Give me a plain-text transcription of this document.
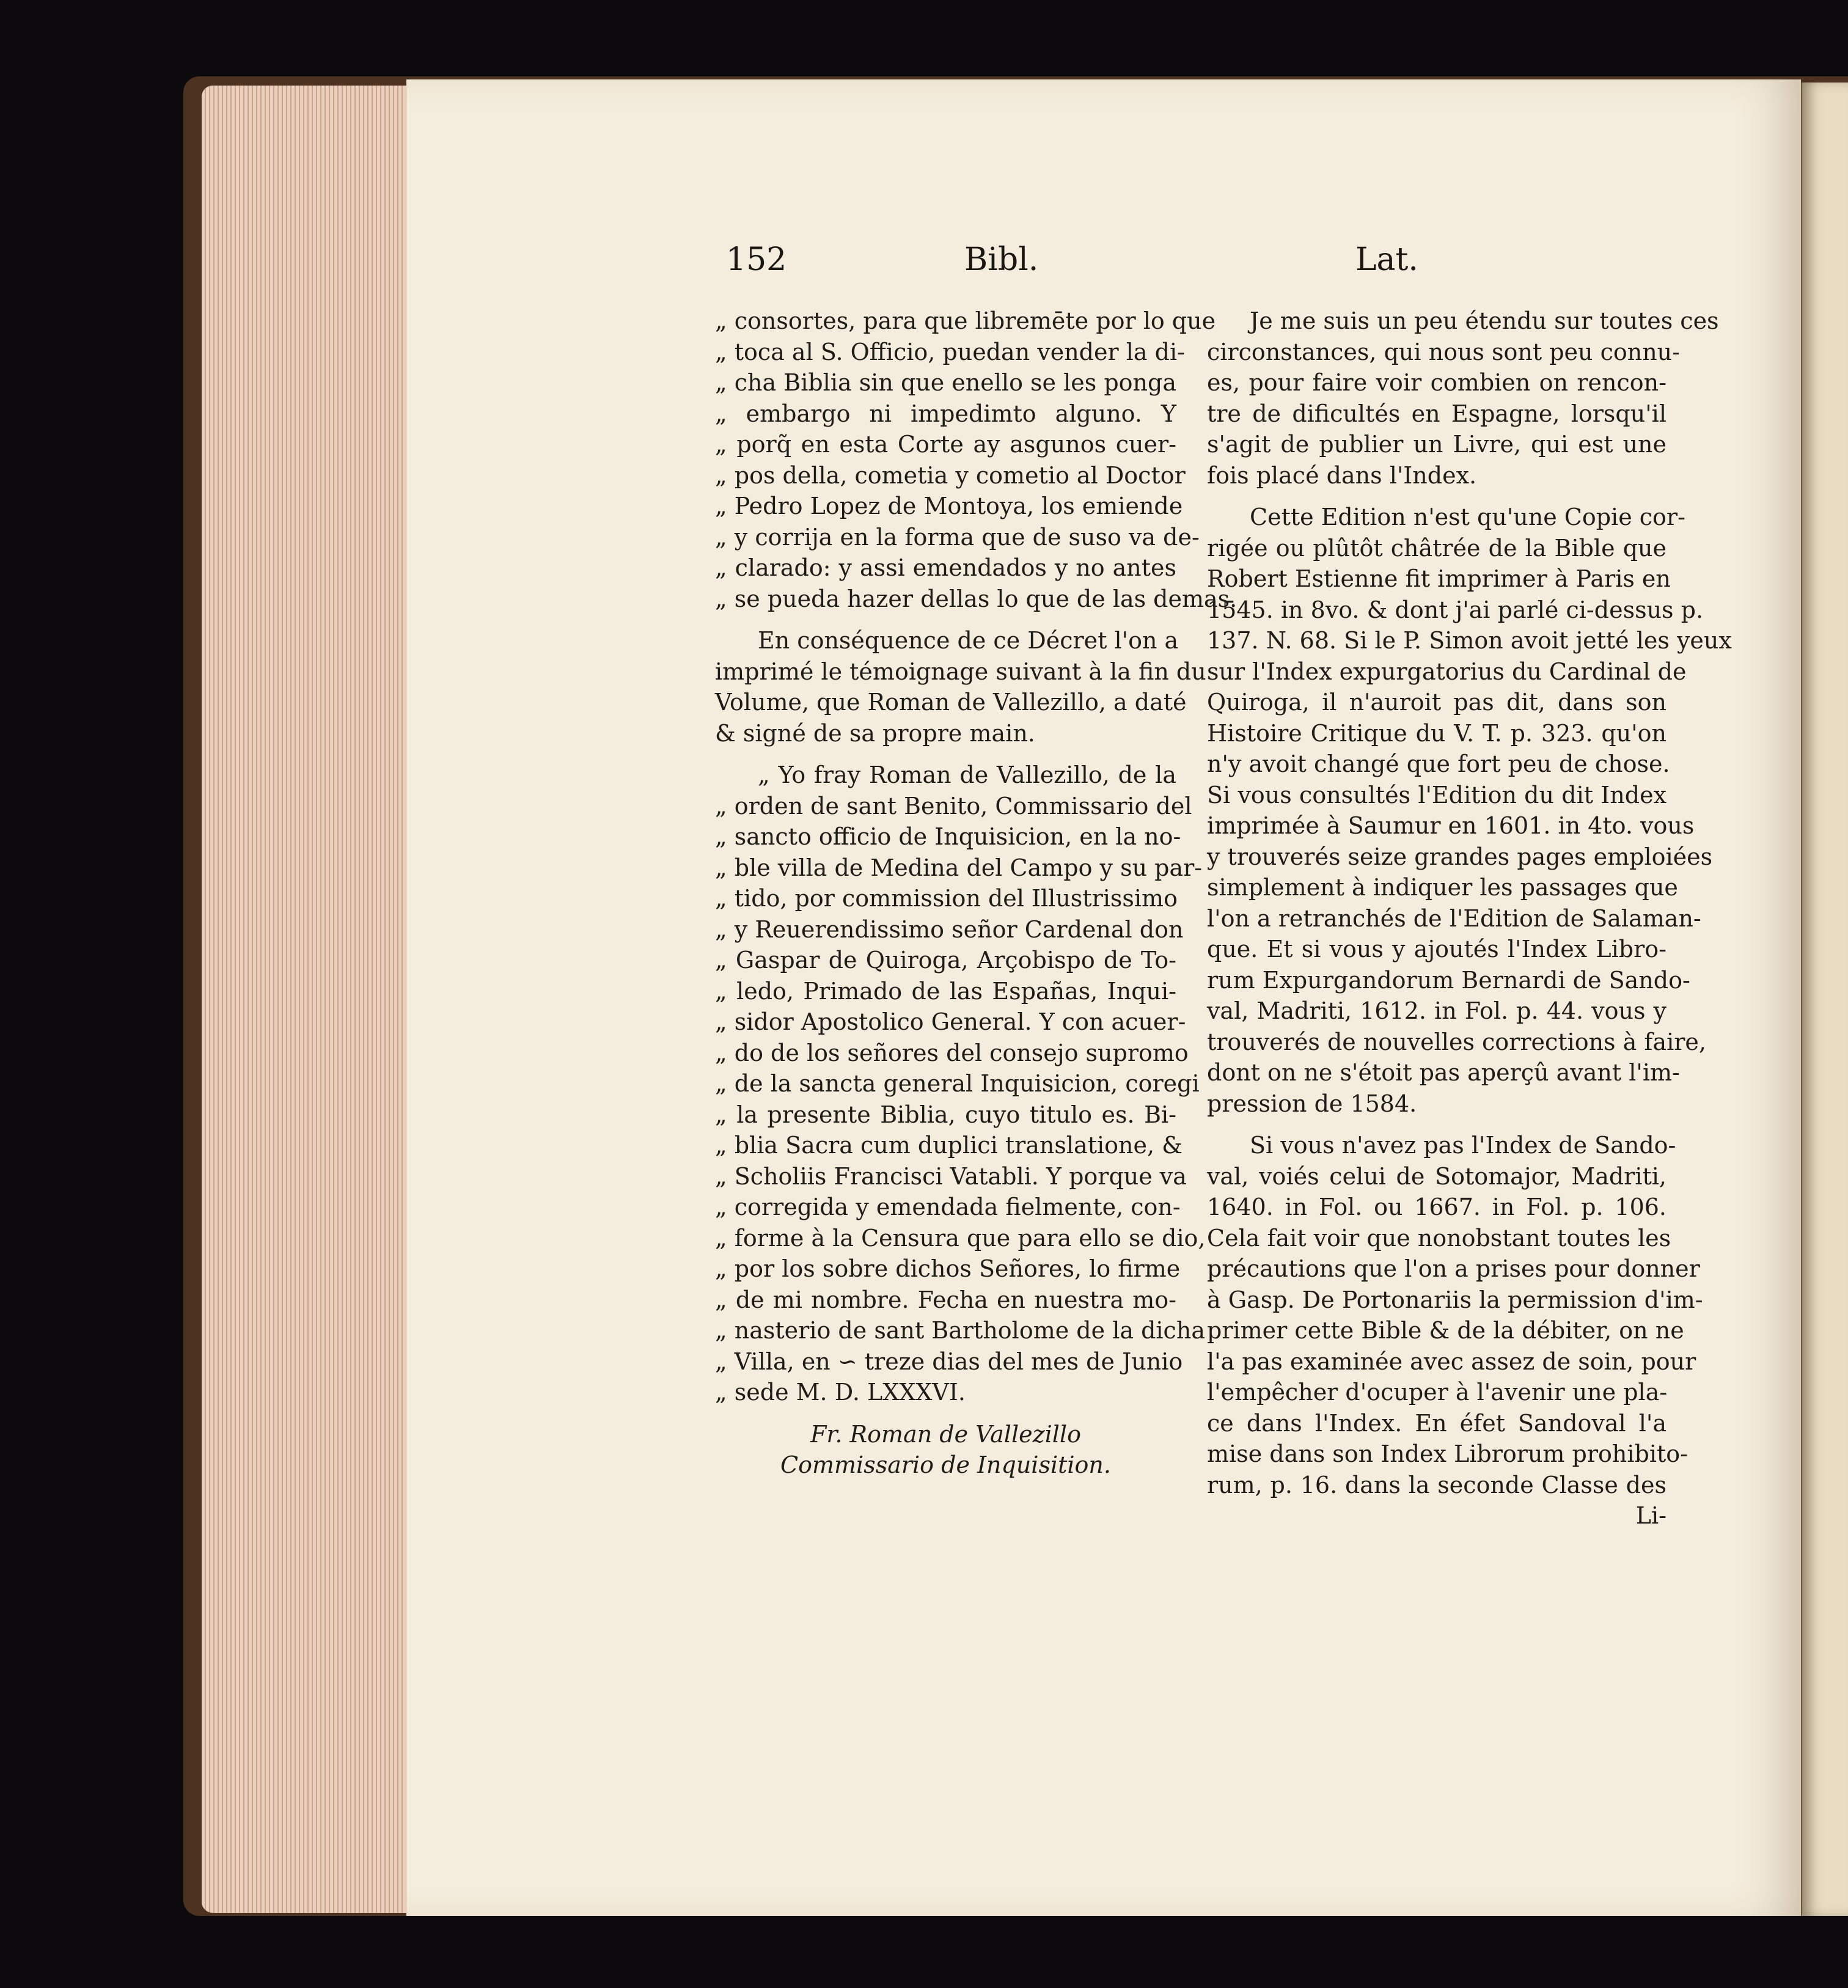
152	Bibl.	Lat.
„ consortes, para que libremēte por lo que
„ toca al S. Officio, puedan vender la di-
„ cha Biblia sin que enello se les ponga
„ embargo ni impedimto alguno. Y
„ porq̃ en esta Corte ay asgunos cuer-
„ pos della, cometia y cometio al Doctor
„ Pedro Lopez de Montoya, los emiende
„ y corrija en la forma que de suso va de-
„ clarado: y assi emendados y no antes
„ se pueda hazer dellas lo que de las demas.
En conséquence de ce Décret l'on a
imprimé le témoignage suivant à la fin du
Volume, que Roman de Vallezillo, a daté
& signé de sa propre main.
„ Yo fray Roman de Vallezillo, de la
„ orden de sant Benito, Commissario del
„ sancto officio de Inquisicion, en la no-
„ ble villa de Medina del Campo y su par-
„ tido, por commission del Illustrissimo
„ y Reuerendissimo señor Cardenal don
„ Gaspar de Quiroga, Arçobispo de To-
„ ledo, Primado de las Españas, Inqui-
„ sidor Apostolico General. Y con acuer-
„ do de los señores del consejo supromo
„ de la sancta general Inquisicion, coregi
„ la presente Biblia, cuyo titulo es. Bi-
„ blia Sacra cum duplici translatione, &
„ Scholiis Francisci Vatabli. Y porque va
„ corregida y emendada fielmente, con-
„ forme à la Censura que para ello se dio,
„ por los sobre dichos Señores, lo firme
„ de mi nombre. Fecha en nuestra mo-
„ nasterio de sant Bartholome de la dicha
„ Villa, en ∽ treze dias del mes de Junio
„ sede M. D. LXXXVI.
Fr. Roman de Vallezillo
Commissario de Inquisition.
Je me suis un peu étendu sur toutes ces
circonstances, qui nous sont peu connu-
es, pour faire voir combien on rencon-
tre de dificultés en Espagne, lorsqu'il
s'agit de publier un Livre, qui est une
fois placé dans l'Index.
Cette Edition n'est qu'une Copie cor-
rigée ou plûtôt châtrée de la Bible que
Robert Estienne fit imprimer à Paris en
1545. in 8vo. & dont j'ai parlé ci-dessus p.
137. N. 68. Si le P. Simon avoit jetté les yeux
sur l'Index expurgatorius du Cardinal de
Quiroga, il n'auroit pas dit, dans son
Histoire Critique du V. T. p. 323. qu'on
n'y avoit changé que fort peu de chose.
Si vous consultés l'Edition du dit Index
imprimée à Saumur en 1601. in 4to. vous
y trouverés seize grandes pages emploiées
simplement à indiquer les passages que
l'on a retranchés de l'Edition de Salaman-
que. Et si vous y ajoutés l'Index Libro-
rum Expurgandorum Bernardi de Sando-
val, Madriti, 1612. in Fol. p. 44. vous y
trouverés de nouvelles corrections à faire,
dont on ne s'étoit pas aperçû avant l'im-
pression de 1584.
Si vous n'avez pas l'Index de Sando-
val, voiés celui de Sotomajor, Madriti,
1640. in Fol. ou 1667. in Fol. p. 106.
Cela fait voir que nonobstant toutes les
précautions que l'on a prises pour donner
à Gasp. De Portonariis la permission d'im-
primer cette Bible & de la débiter, on ne
l'a pas examinée avec assez de soin, pour
l'empêcher d'ocuper à l'avenir une pla-
ce dans l'Index. En éfet Sandoval l'a
mise dans son Index Librorum prohibito-
rum, p. 16. dans la seconde Classe des
Li-
